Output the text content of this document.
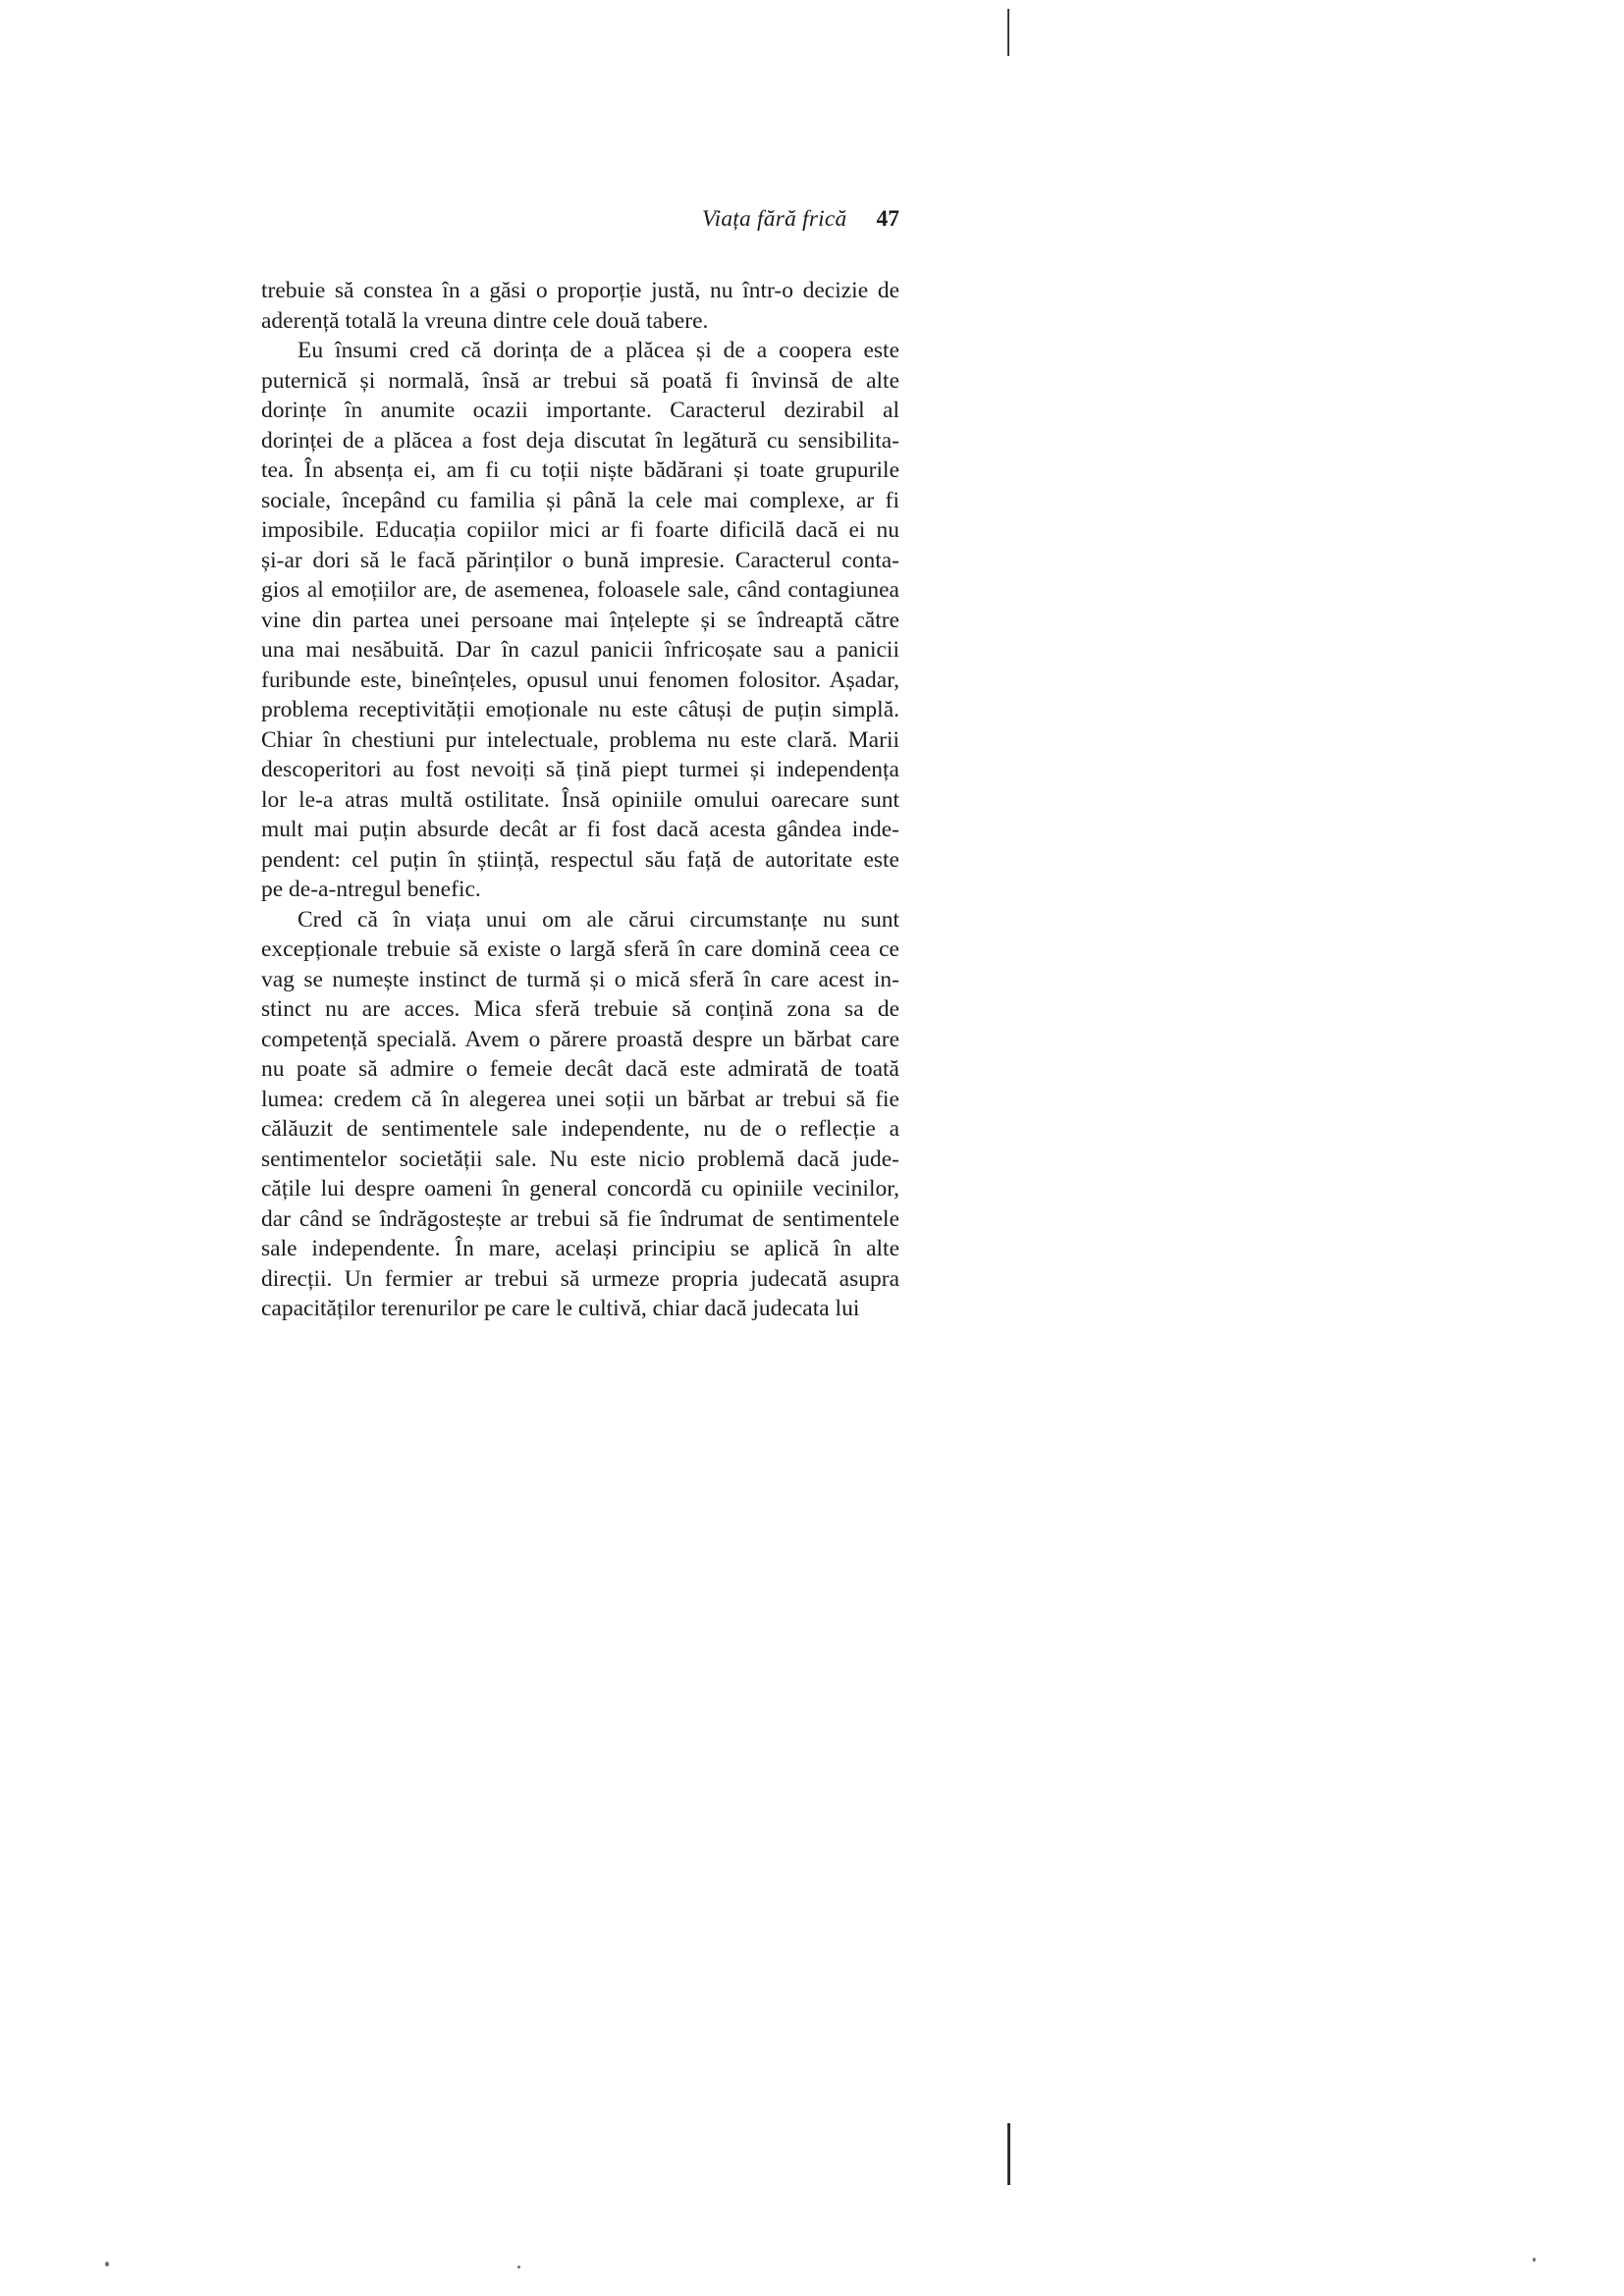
Viața fără frică 47
trebuie să constea în a găsi o proporție justă, nu într-o decizie de
aderență totală la vreuna dintre cele două tabere.
Eu însumi cred că dorința de a plăcea și de a coopera este
puternică și normală, însă ar trebui să poată fi învinsă de alte
dorințe în anumite ocazii importante. Caracterul dezirabil al
dorinței de a plăcea a fost deja discutat în legătură cu sensibilita-
tea. În absența ei, am fi cu toții niște bădărani și toate grupurile
sociale, începând cu familia și până la cele mai complexe, ar fi
imposibile. Educația copiilor mici ar fi foarte dificilă dacă ei nu
și-ar dori să le facă părinților o bună impresie. Caracterul conta-
gios al emoțiilor are, de asemenea, foloasele sale, când contagiunea
vine din partea unei persoane mai înțelepte și se îndreaptă către
una mai nesăbuită. Dar în cazul panicii înfricoșate sau a panicii
furibunde este, bineînțeles, opusul unui fenomen folositor. Așadar,
problema receptivității emoționale nu este câtuși de puțin simplă.
Chiar în chestiuni pur intelectuale, problema nu este clară. Marii
descoperitori au fost nevoiți să țină piept turmei și independența
lor le-a atras multă ostilitate. Însă opiniile omului oarecare sunt
mult mai puțin absurde decât ar fi fost dacă acesta gândea inde-
pendent: cel puțin în știință, respectul său față de autoritate este
pe de-a-ntregul benefic.
Cred că în viața unui om ale cărui circumstanțe nu sunt
excepționale trebuie să existe o largă sferă în care domină ceea ce
vag se numește instinct de turmă și o mică sferă în care acest in-
stinct nu are acces. Mica sferă trebuie să conțină zona sa de
competență specială. Avem o părere proastă despre un bărbat care
nu poate să admire o femeie decât dacă este admirată de toată
lumea: credem că în alegerea unei soții un bărbat ar trebui să fie
călăuzit de sentimentele sale independente, nu de o reflecție a
sentimentelor societății sale. Nu este nicio problemă dacă jude-
cățile lui despre oameni în general concordă cu opiniile vecinilor,
dar când se îndrăgostește ar trebui să fie îndrumat de sentimentele
sale independente. În mare, același principiu se aplică în alte
direcții. Un fermier ar trebui să urmeze propria judecată asupra
capacităților terenurilor pe care le cultivă, chiar dacă judecata lui
